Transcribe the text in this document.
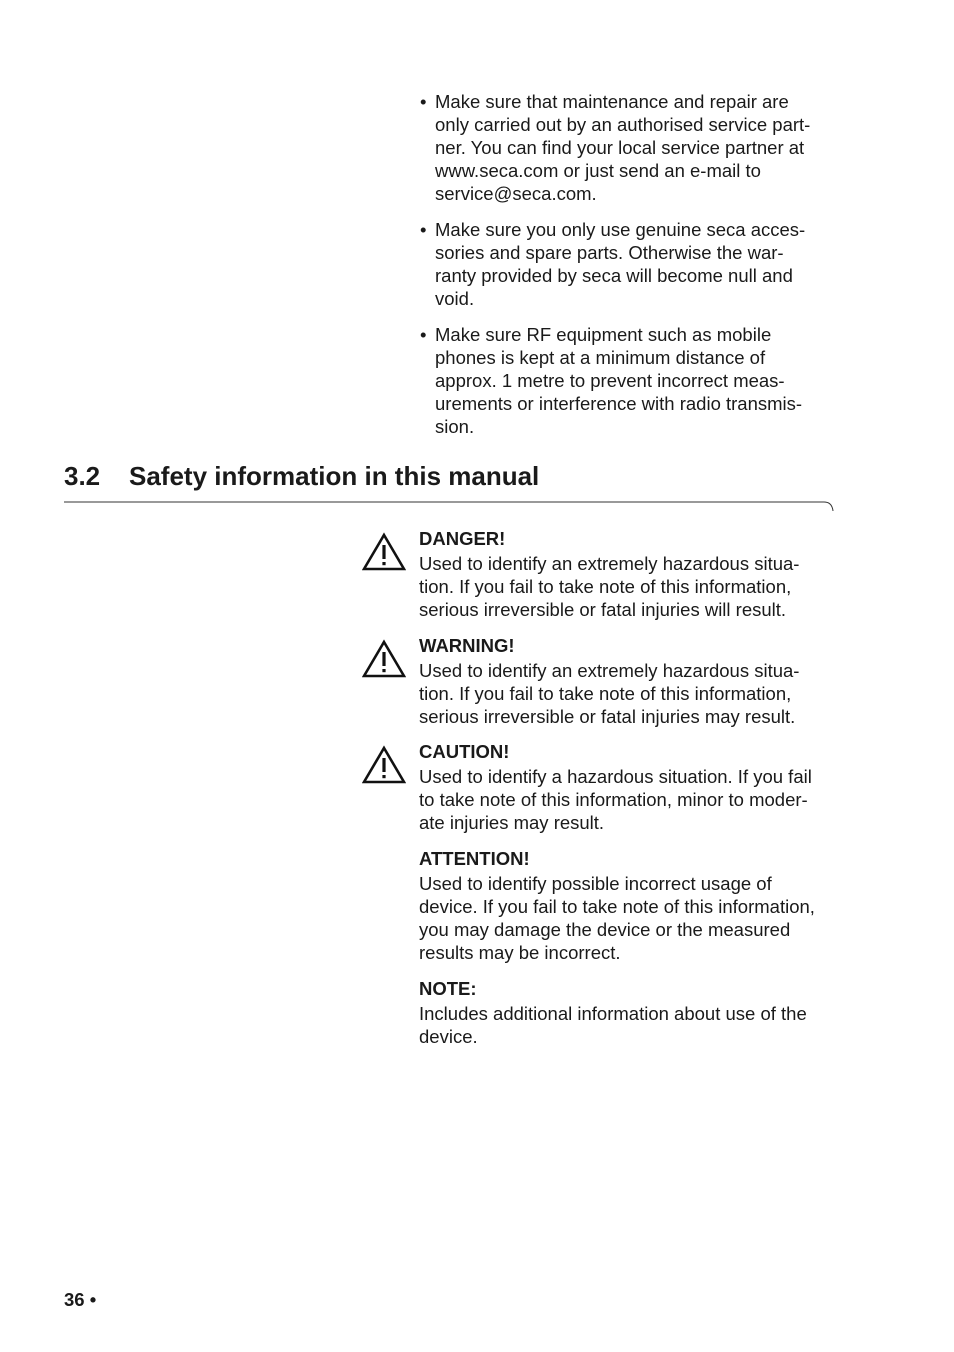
• Make sure that maintenance and repair are
only carried out by an authorised service part-
ner. You can find your local service partner at
www.seca.com or just send an e-mail to
service@seca.com.
• Make sure you only use genuine seca acces-
sories and spare parts. Otherwise the war-
ranty provided by seca will become null and
void.
• Make sure RF equipment such as mobile
phones is kept at a minimum distance of
approx. 1 metre to prevent incorrect meas-
urements or interference with radio transmis-
sion.
3.2 Safety information in this manual
DANGER!
Used to identify an extremely hazardous situa-
tion. If you fail to take note of this information,
serious irreversible or fatal injuries will result.
WARNING!
Used to identify an extremely hazardous situa-
tion. If you fail to take note of this information,
serious irreversible or fatal injuries may result.
CAUTION!
Used to identify a hazardous situation. If you fail
to take note of this information, minor to moder-
ate injuries may result.
ATTENTION!
Used to identify possible incorrect usage of
device. If you fail to take note of this information,
you may damage the device or the measured
results may be incorrect.
NOTE:
Includes additional information about use of the
device.
36 •
